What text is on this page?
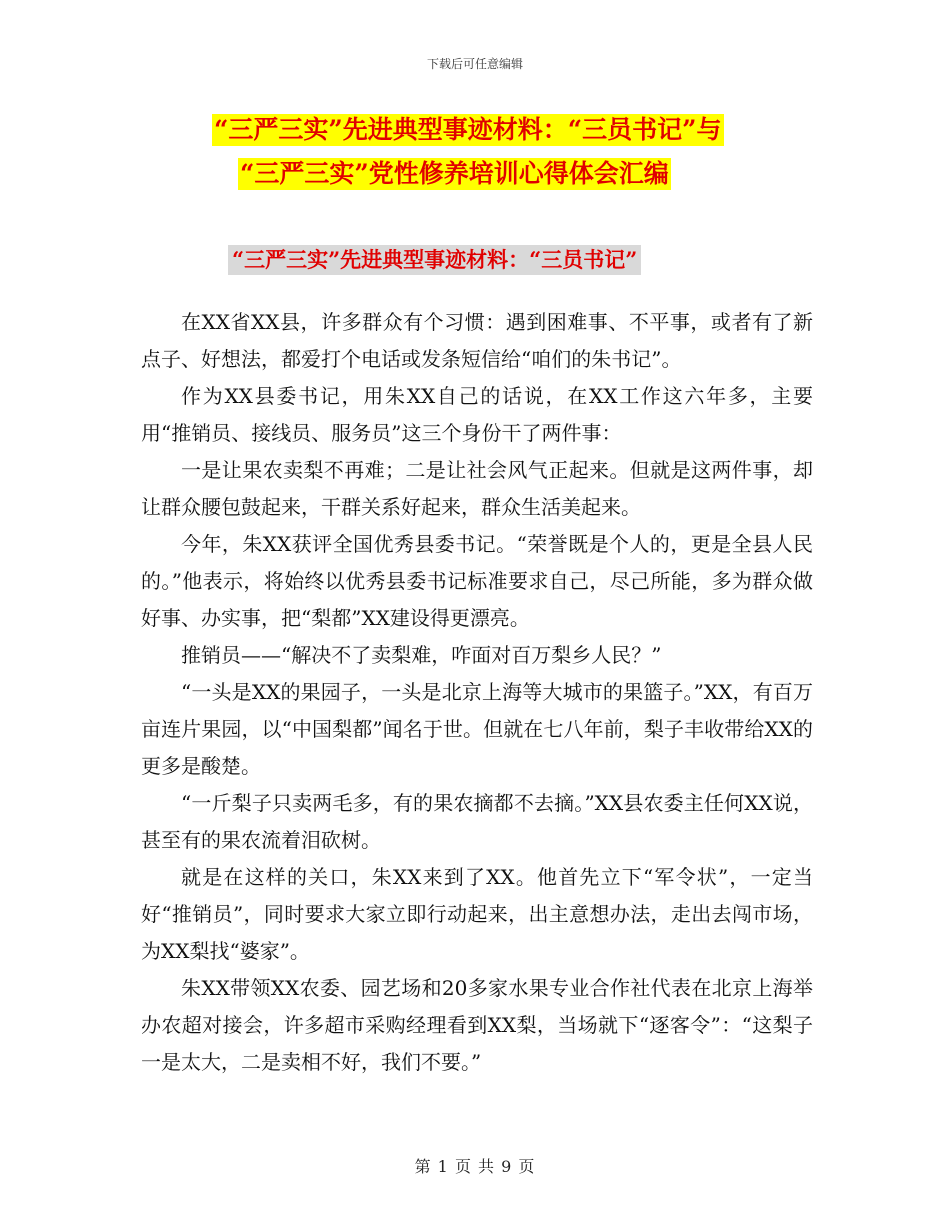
下载后可任意编辑
“三严三实”先进典型事迹材料：“三员书记”与
“三严三实”党性修养培训心得体会汇编
“三严三实”先进典型事迹材料：“三员书记”

在XX省XX县，许多群众有个习惯：遇到困难事、不平事，或者有了新点子、好想法，都爱打个电话或发条短信给“咱们的朱书记”。

作为XX县委书记，用朱XX自己的话说，在XX工作这六年多，主要用“推销员、接线员、服务员”这三个身份干了两件事：

一是让果农卖梨不再难；二是让社会风气正起来。但就是这两件事，却让群众腰包鼓起来，干群关系好起来，群众生活美起来。

今年，朱XX获评全国优秀县委书记。“荣誉既是个人的，更是全县人民的。”他表示，将始终以优秀县委书记标准要求自己，尽己所能，多为群众做好事、办实事，把“梨都”XX建设得更漂亮。

推销员——“解决不了卖梨难，咋面对百万梨乡人民？”

“一头是XX的果园子，一头是北京上海等大城市的果篮子。”XX，有百万亩连片果园，以“中国梨都”闻名于世。但就在七八年前，梨子丰收带给XX的更多是酸楚。

“一斤梨子只卖两毛多，有的果农摘都不去摘。”XX县农委主任何XX说，甚至有的果农流着泪砍树。

就是在这样的关口，朱XX来到了XX。他首先立下“军令状”，一定当好“推销员”，同时要求大家立即行动起来，出主意想办法，走出去闯市场，为XX梨找“婆家”。

朱XX带领XX农委、园艺场和20多家水果专业合作社代表在北京上海举办农超对接会，许多超市采购经理看到XX梨，当场就下“逐客令”：“这梨子一是太大，二是卖相不好，我们不要。”

第 1 页 共 9 页
